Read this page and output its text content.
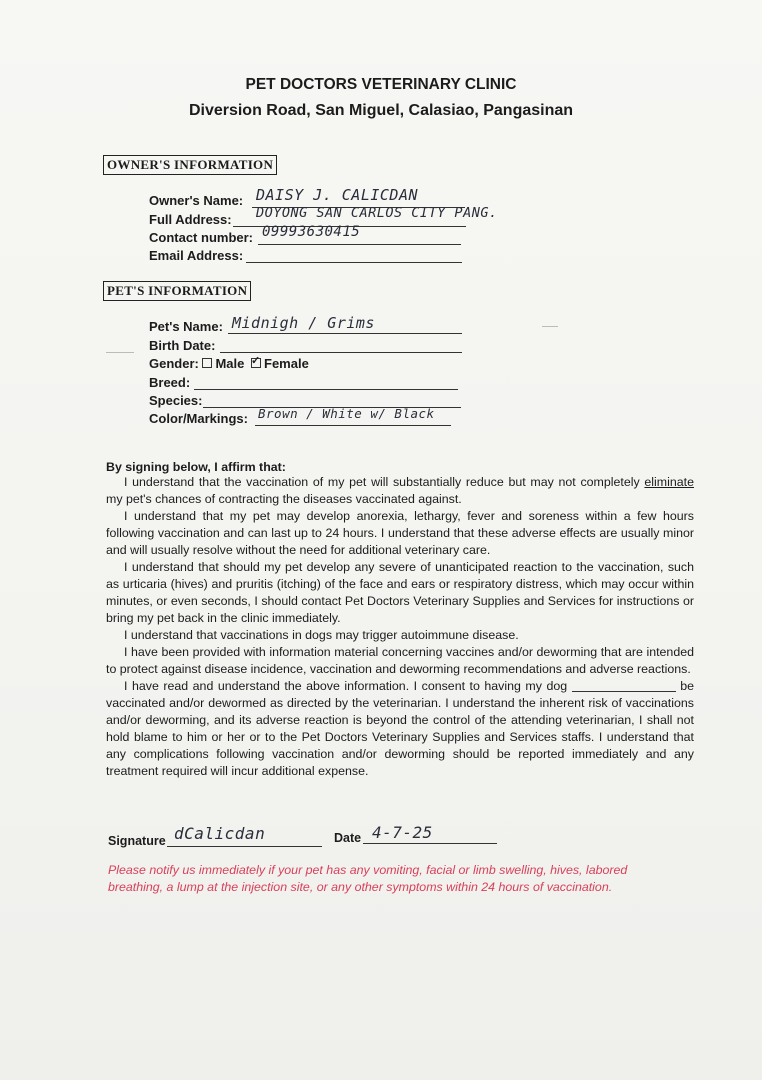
PET DOCTORS VETERINARY CLINIC
Diversion Road, San Miguel, Calasiao, Pangasinan
OWNER'S INFORMATION
Owner's Name: DAISY J. CALICDAN
Full Address: DOYONG SAN CARLOS CITY PANG.
Contact number: 09993630415
Email Address:
PET'S INFORMATION
Pet's Name: Midnigh / Grims
Birth Date:
Gender: Male ✓ Female
Breed:
Species:
Color/Markings: Brown / White w/ Black
By signing below, I affirm that:

I understand that the vaccination of my pet will substantially reduce but may not completely eliminate my pet's chances of contracting the diseases vaccinated against.

I understand that my pet may develop anorexia, lethargy, fever and soreness within a few hours following vaccination and can last up to 24 hours. I understand that these adverse effects are usually minor and will usually resolve without the need for additional veterinary care.

I understand that should my pet develop any severe of unanticipated reaction to the vaccination, such as urticaria (hives) and pruritis (itching) of the face and ears or respiratory distress, which may occur within minutes, or even seconds, I should contact Pet Doctors Veterinary Supplies and Services for instructions or bring my pet back in the clinic immediately.

I understand that vaccinations in dogs may trigger autoimmune disease.

I have been provided with information material concerning vaccines and/or deworming that are intended to protect against disease incidence, vaccination and deworming recommendations and adverse reactions.

I have read and understand the above information. I consent to having my dog	be vaccinated and/or dewormed as directed by the veterinarian. I understand the inherent risk of vaccinations and/or deworming, and its adverse reaction is beyond the control of the attending veterinarian, I shall not hold blame to him or her or to the Pet Doctors Veterinary Supplies and Services staffs. I understand that any complications following vaccination and/or deworming should be reported immediately and any treatment required will incur additional expense.

Signature dCalicdan	Date 4-7-25
Please notify us immediately if your pet has any vomiting, facial or limb swelling, hives, labored breathing, a lump at the injection site, or any other symptoms within 24 hours of vaccination.
